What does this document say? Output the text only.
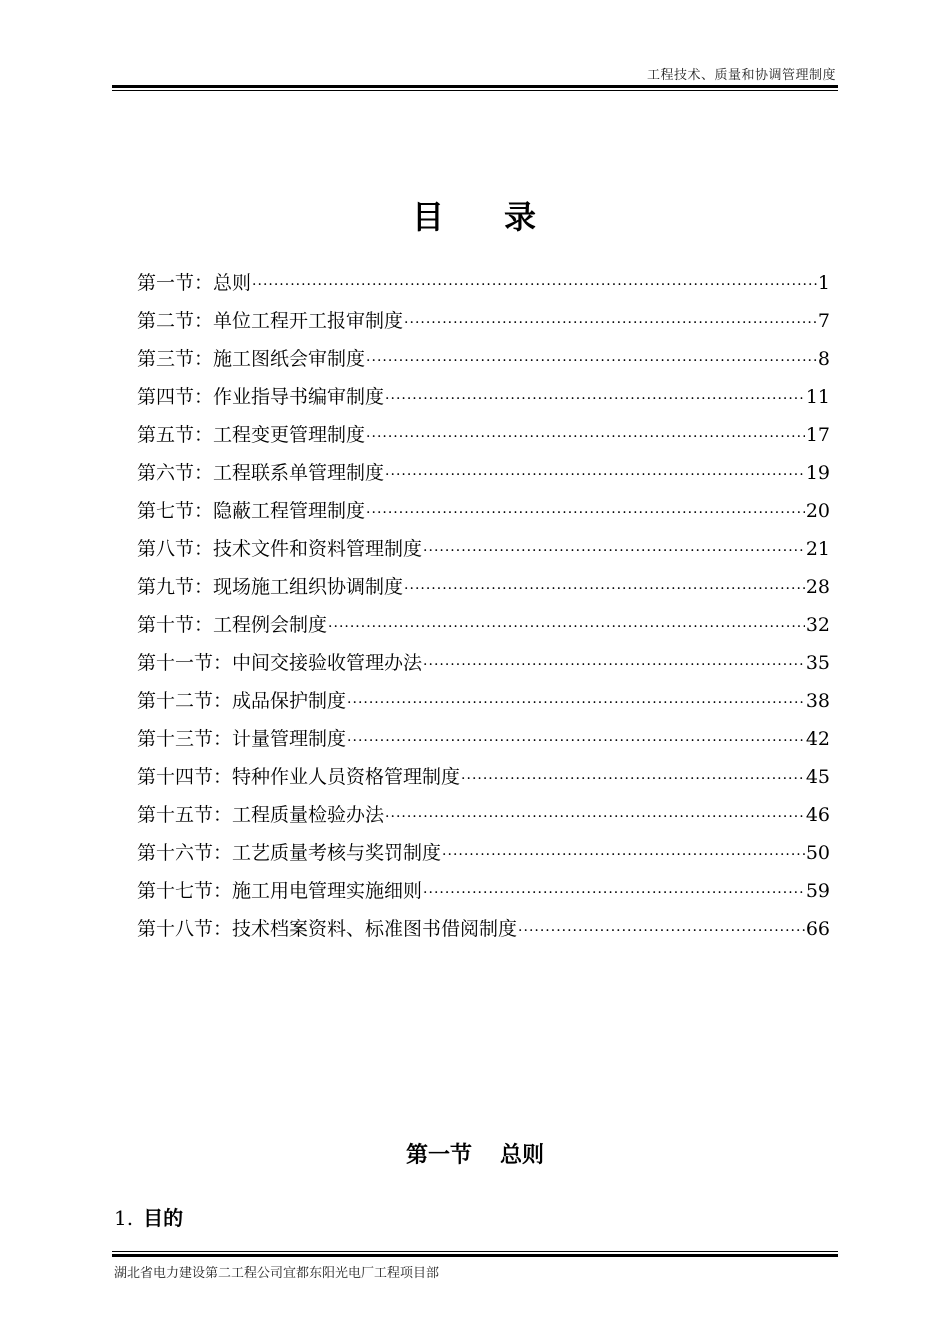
工程技术、质量和协调管理制度
目 录
第一节 ： 总则 ·····	1
第二节 ： 单位工程开工报审制度 ·····	7
第三节 ： 施工图纸会审制度 ·····	8
第四节 ： 作业指导书编审制度 ·····	11
第五节 ： 工程变更管理制度 ·····	17
第六节 ： 工程联系单管理制度 ·····	19
第七节 ： 隐蔽工程管理制度 ·····	20
第八节 ： 技术文件和资料管理制度 ·····	21
第九节 ： 现场施工组织协调制度 ·····	28
第十节 ： 工程例会制度 ·····	32
第十一节 ： 中间交接验收管理办法 ·····	35
第十二节 ： 成品保护制度 ·····	38
第十三节 ： 计量管理制度 ·····	42
第十四节 ： 特种作业人员资格管理制度 ·····	45
第十五节 ： 工程质量检验办法 ·····	46
第十六节 ： 工艺质量考核与奖罚制度 ·····	50
第十七节 ： 施工用电管理实施细则 ·····	59
第十八节 ： 技术档案资料、标准图书借阅制度 ·····	66
第一节 总则
1. 目的
湖北省电力建设第二工程公司宜都东阳光电厂工程项目部
